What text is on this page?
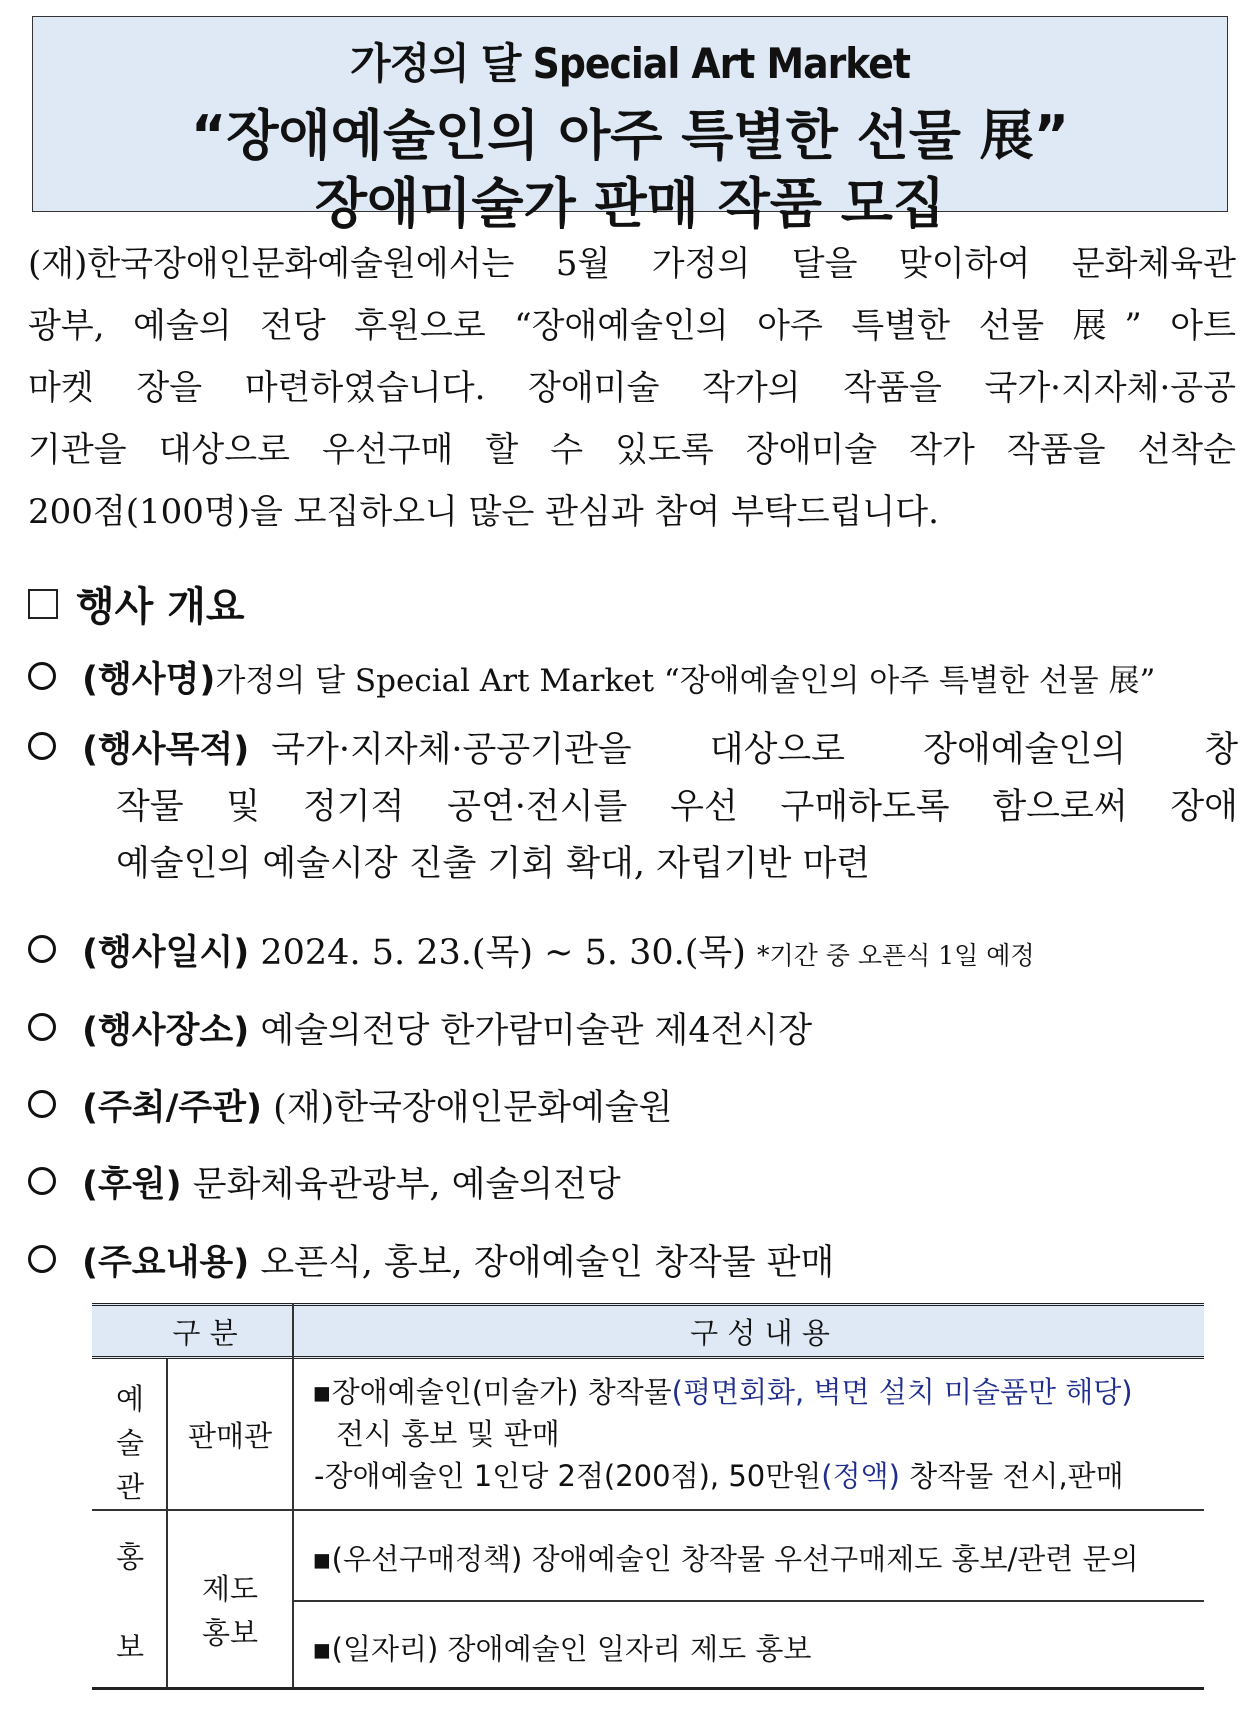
가정의 달 Special Art Market
“장애예술인의 아주 특별한 선물 展”
장애미술가 판매 작품 모집
(재)한국장애인문화예술원에서는 5월 가정의 달을 맞이하여 문화체육관
광부, 예술의 전당 후원으로 “장애예술인의 아주 특별한 선물 展” 아트
마켓 장을 마련하였습니다. 장애미술 작가의 작품을 국가·지자체·공공
기관을 대상으로 우선구매 할 수 있도록 장애미술 작가 작품을 선착순
200점(100명)을 모집하오니 많은 관심과 참여 부탁드립니다.
행사 개요
(행사명)가정의 달 Special Art Market “장애예술인의 아주 특별한 선물 展”
(행사목적) 국가·지자체·공공기관을 대상으로 장애예술인의 창
작물 및 정기적 공연·전시를 우선 구매하도록 함으로써 장애
예술인의 예술시장 진출 기회 확대, 자립기반 마련
(행사일시) 2024. 5. 23.(목) ~ 5. 30.(목) *기간 중 오픈식 1일 예정
(행사장소) 예술의전당 한가람미술관 제4전시장
(주최/주관) (재)한국장애인문화예술원
(후원) 문화체육관광부, 예술의전당
(주요내용) 오픈식, 홍보, 장애예술인 창작물 판매
구 분	구 성 내 용
예
술
관
판매관
▪장애예술인(미술가) 창작물(평면회화, 벽면 설치 미술품만 해당)
전시 홍보 및 판매
-장애예술인 1인당 2점(200점), 50만원(정액) 창작물 전시,판매
홍
보
제도
홍보
▪(우선구매정책) 장애예술인 창작물 우선구매제도 홍보/관련 문의
▪(일자리) 장애예술인 일자리 제도 홍보
